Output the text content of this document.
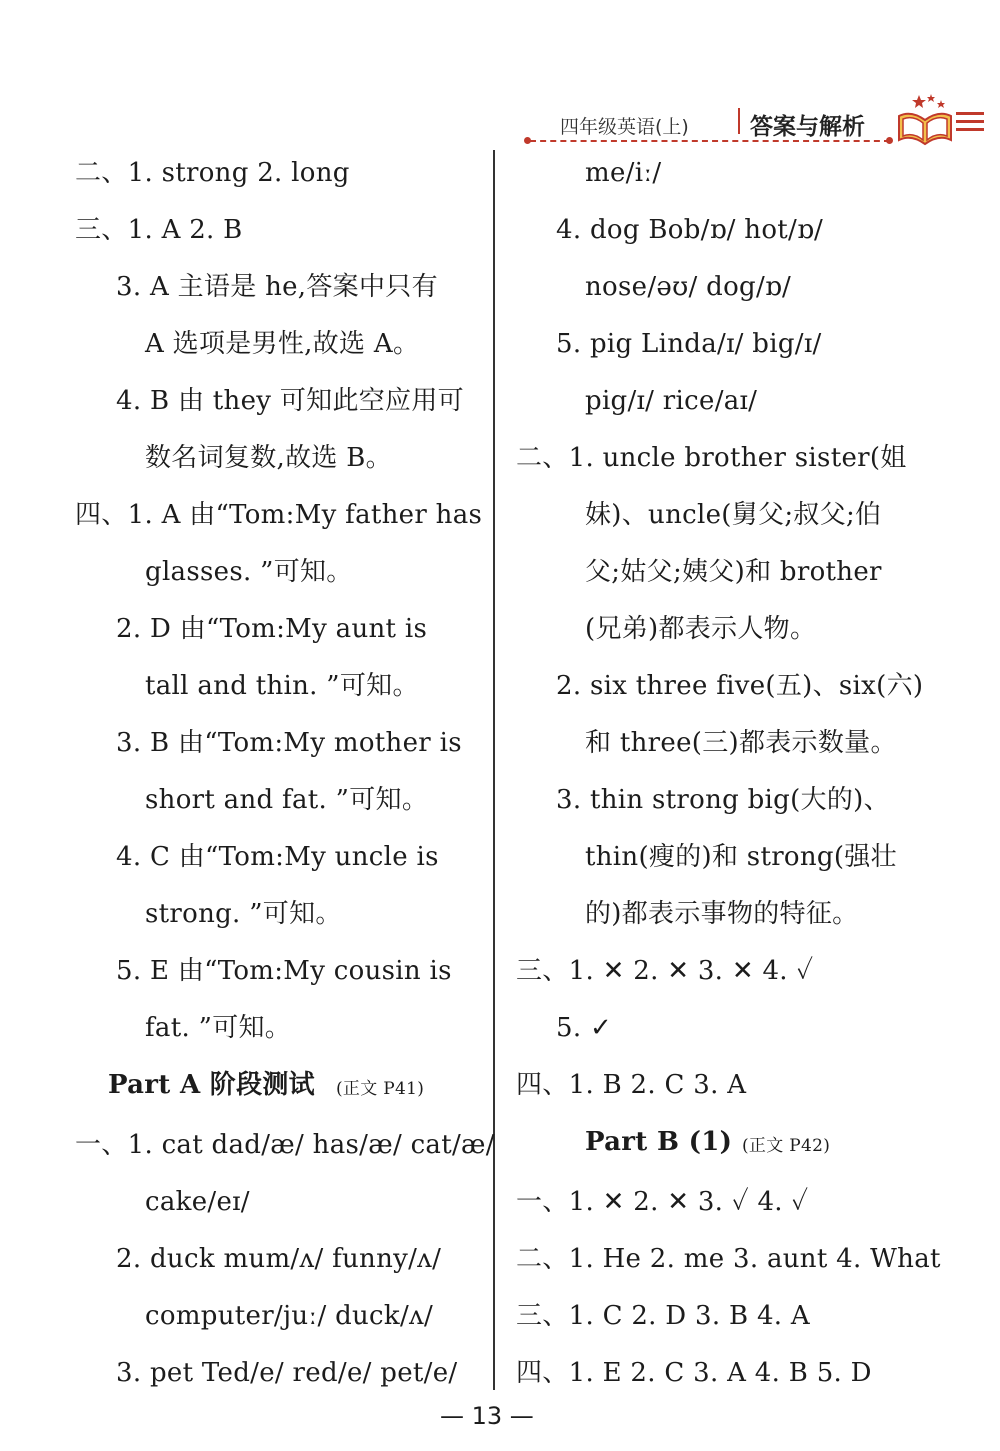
四年级英语(上)	答案与解析
二、1. strong 2. long
三、1. A 2. B
3. A 主语是 he,答案中只有
A 选项是男性,故选 A。
4. B 由 they 可知此空应用可
数名词复数,故选 B。
四、1. A 由“Tom:My father has
glasses. ”可知。
2. D 由“Tom:My aunt is
tall and thin. ”可知。
3. B 由“Tom:My mother is
short and fat. ”可知。
4. C 由“Tom:My uncle is
strong. ”可知。
5. E 由“Tom:My cousin is
fat. ”可知。
Part A 阶段测试 (正文 P41)
一、1. cat dad/æ/ has/æ/ cat/æ/
cake/eɪ/
2. duck mum/ʌ/ funny/ʌ/
computer/juː/ duck/ʌ/
3. pet Ted/e/ red/e/ pet/e/
me/iː/
4. dog Bob/ɒ/ hot/ɒ/
nose/əʊ/ dog/ɒ/
5. pig Linda/ɪ/ big/ɪ/
pig/ɪ/ rice/aɪ/
二、1. uncle brother sister(姐
妹)、uncle(舅父;叔父;伯
父;姑父;姨父)和 brother
(兄弟)都表示人物。
2. six three five(五)、six(六)
和 three(三)都表示数量。
3. thin strong big(大的)、
thin(瘦的)和 strong(强壮
的)都表示事物的特征。
三、1. ✕ 2. ✕ 3. ✕ 4. ✓
5. ✓
四、1. B 2. C 3. A
Part B (1) (正文 P42)
一、1. ✕ 2. ✕ 3. ✓ 4. ✓
二、1. He 2. me 3. aunt 4. What
三、1. C 2. D 3. B 4. A
四、1. E 2. C 3. A 4. B 5. D
— 13 —
